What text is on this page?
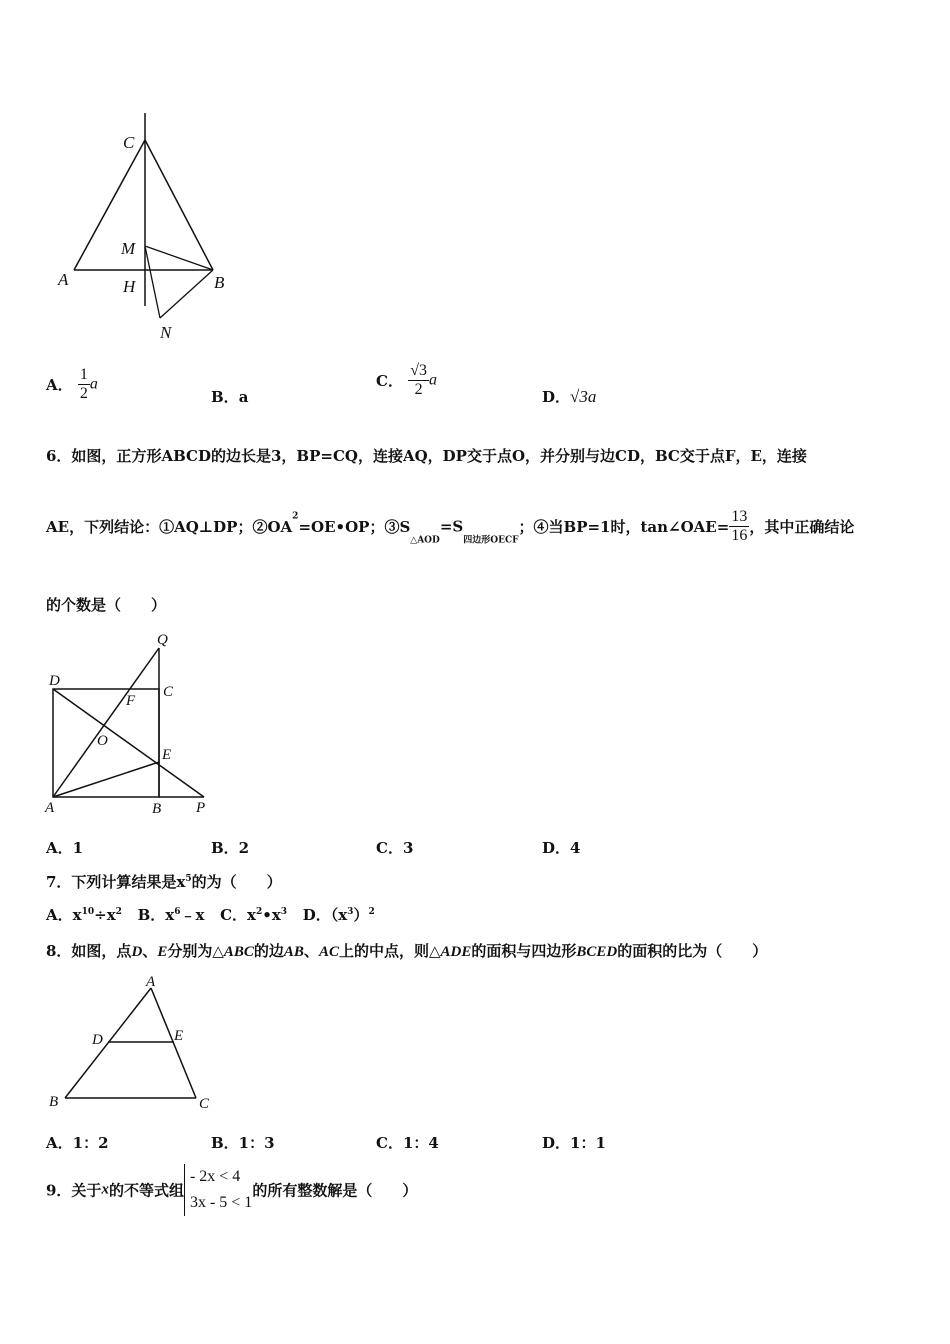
C
M
A	H	B
N
A． $\frac{1}{2}$ a
B．a
C． $\frac{√3}{2}$ a
D．√3a
6．如图，正方形ABCD的边长是3，BP=CQ，连接AQ，DP交于点O，并分别与边CD，BC交于点F，E，连接
AE，下列结论：①AQ⊥DP；$②OA^2=OE•OP$；$③S_{\triangle AOD}=S_{四边形OECF}$；④当BP=1时，tan∠OAE= $\frac{13}{16}$ ，其中正确结论
的个数是（　　）
Q
D
C
F
O
E
A	B P
A．1	B．2	C．3	D．4
7．下列计算结果是$x^5$的为（　　）
A．$x^{10}\div x^2$ B．$x^6﹣x$ C．$x^2•x^3$ D．$(x^3)^2$
8．如图，点D、E分别为△ABC的边AB、AC上的中点，则△ADE的面积与四边形BCED的面积的比为（　　）
A
D	E
B	C
A．1：2	B．1：3	C．1：4	D．1：1
9．关于x的不等式组- 2x < 4
3x - 5 < 1的所有整数解是（　　）
